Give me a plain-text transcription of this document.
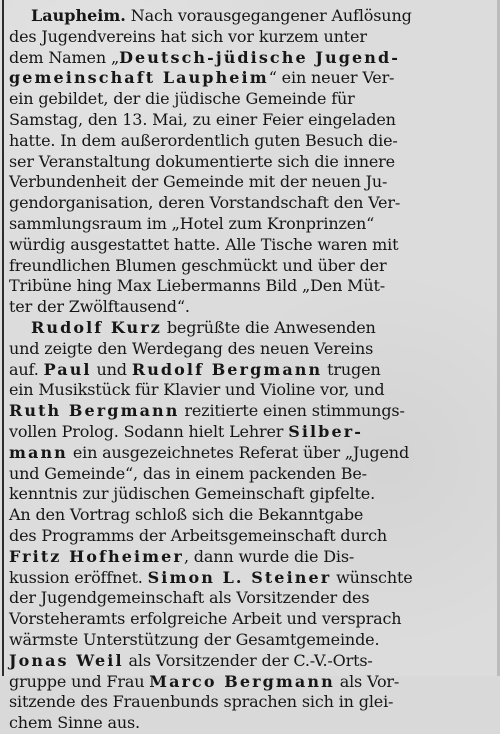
Laupheim. Nach vorausgegangener Auflösung
des Jugendvereins hat sich vor kurzem unter
dem Namen „Deutsch-jüdische Jugend-
gemeinschaft Laupheim“ ein neuer Ver-
ein gebildet, der die jüdische Gemeinde für
Samstag, den 13. Mai, zu einer Feier eingeladen
hatte. In dem außerordentlich guten Besuch die-
ser Veranstaltung dokumentierte sich die innere
Verbundenheit der Gemeinde mit der neuen Ju-
gendorganisation, deren Vorstandschaft den Ver-
sammlungsraum im „Hotel zum Kronprinzen“
würdig ausgestattet hatte. Alle Tische waren mit
freundlichen Blumen geschmückt und über der
Tribüne hing Max Liebermanns Bild „Den Müt-
ter der Zwölftausend“.
Rudolf Kurz begrüßte die Anwesenden
und zeigte den Werdegang des neuen Vereins
auf. Paul und Rudolf Bergmann trugen
ein Musikstück für Klavier und Violine vor, und
Ruth Bergmann rezitierte einen stimmungs-
vollen Prolog. Sodann hielt Lehrer Silber-
mann ein ausgezeichnetes Referat über „Jugend
und Gemeinde“, das in einem packenden Be-
kenntnis zur jüdischen Gemeinschaft gipfelte.
An den Vortrag schloß sich die Bekanntgabe
des Programms der Arbeitsgemeinschaft durch
Fritz Hofheimer, dann wurde die Dis-
kussion eröffnet. Simon L. Steiner wünschte
der Jugendgemeinschaft als Vorsitzender des
Vorsteheramts erfolgreiche Arbeit und versprach
wärmste Unterstützung der Gesamtgemeinde.
Jonas Weil als Vorsitzender der C.-V.-Orts-
gruppe und Frau Marco Bergmann als Vor-
sitzende des Frauenbunds sprachen sich in glei-
chem Sinne aus.
